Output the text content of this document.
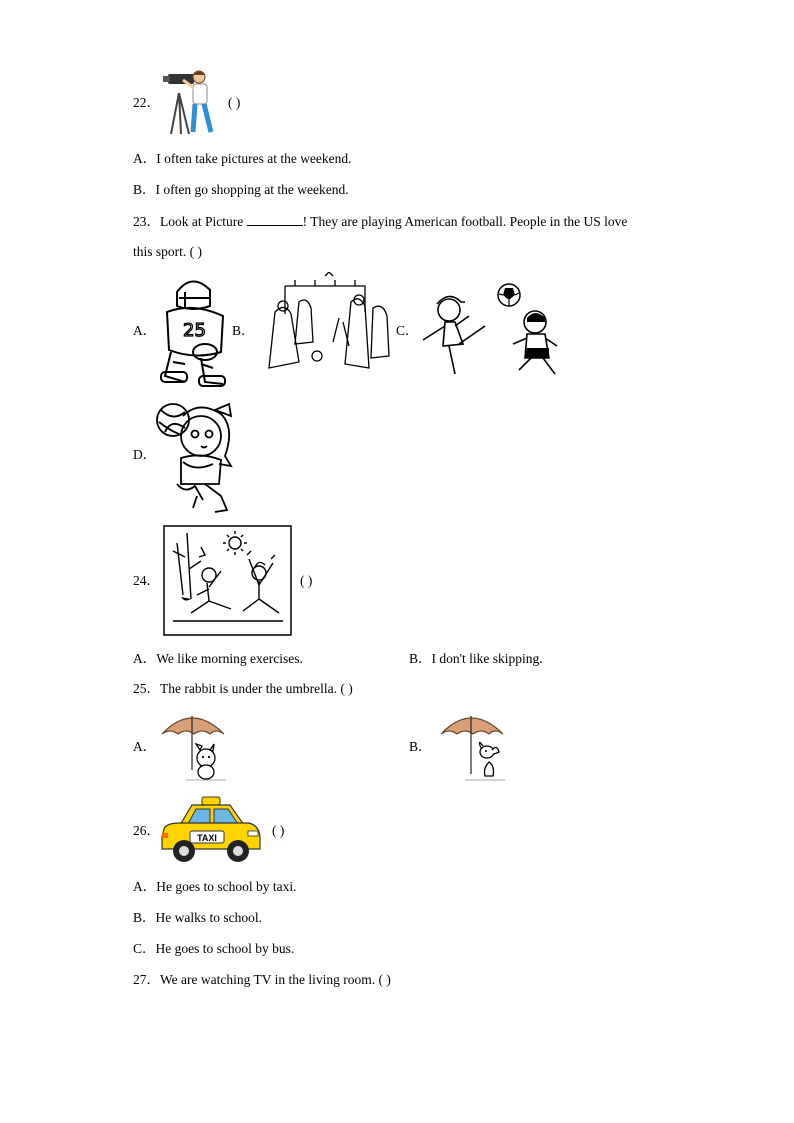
22．	( )
A．I often take pictures at the weekend.
B．I often go shopping at the weekend.
23．Look at Picture	! They are playing American football. People in the US love
this sport. ( )
A． 25 B．	C．
D．
24．	( )
A．We like morning exercises.	B．I don't like skipping.
25．The rabbit is under the umbrella. ( )
A．	B．
26．	TAXI	( )
A．He goes to school by taxi.
B．He walks to school.
C．He goes to school by bus.
27．We are watching TV in the living room. ( )
